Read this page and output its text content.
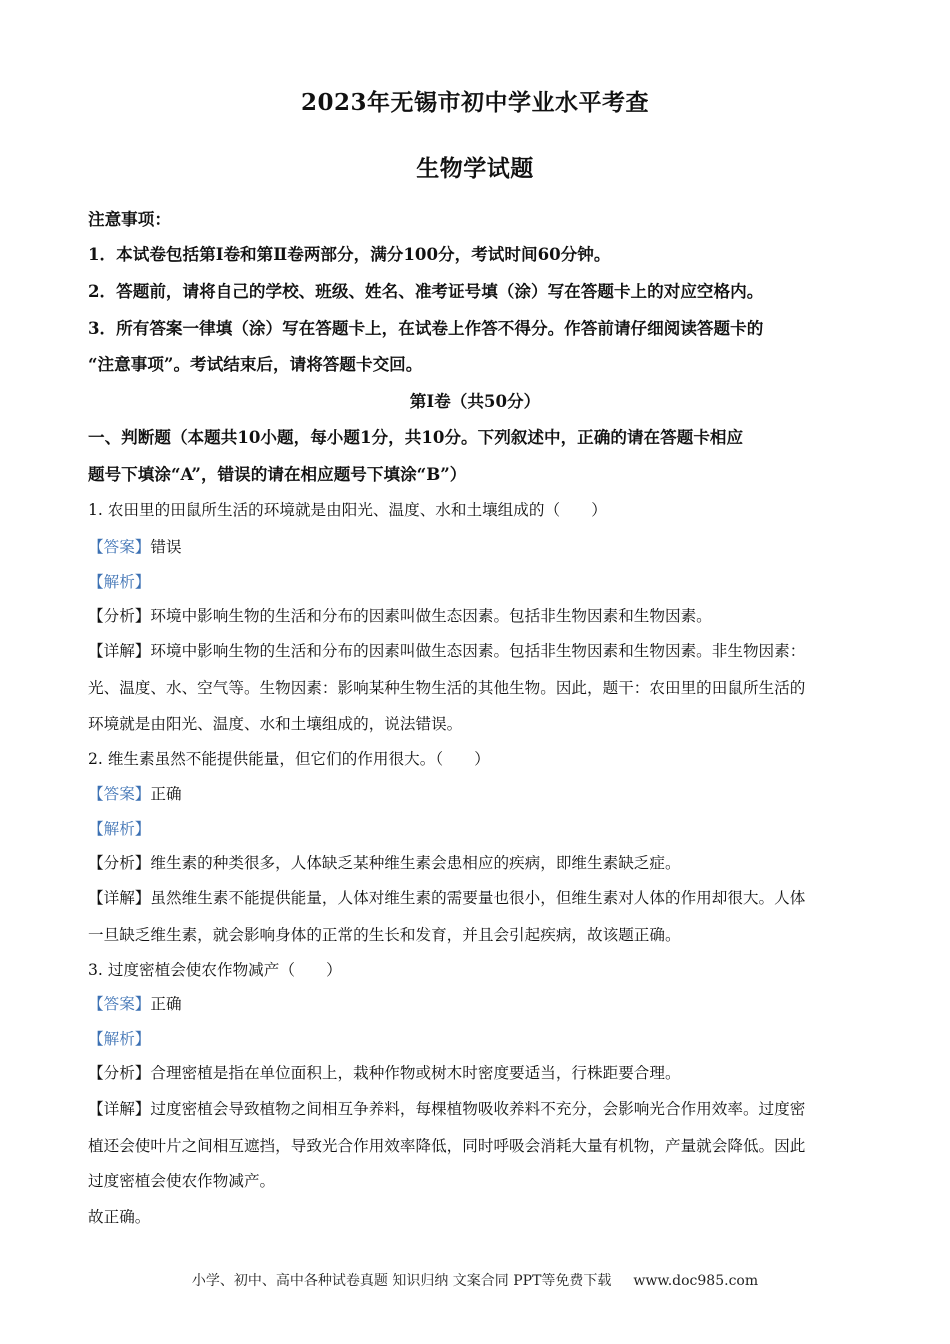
2023年无锡市初中学业水平考查
生物学试题
注意事项：
1．本试卷包括第Ⅰ卷和第Ⅱ卷两部分，满分100分，考试时间60分钟。
2．答题前，请将自己的学校、班级、姓名、准考证号填（涂）写在答题卡上的对应空格内。
3．所有答案一律填（涂）写在答题卡上，在试卷上作答不得分。作答前请仔细阅读答题卡的
“注意事项”。考试结束后，请将答题卡交回。
第Ⅰ卷（共50分）
一、判断题（本题共10小题，每小题1分，共10分。下列叙述中，正确的请在答题卡相应
题号下填涂“A”，错误的请在相应题号下填涂“B”）
1. 农田里的田鼠所生活的环境就是由阳光、温度、水和土壤组成的（　　）
【答案】错误
【解析】
【分析】环境中影响生物的生活和分布的因素叫做生态因素。包括非生物因素和生物因素。
【详解】环境中影响生物的生活和分布的因素叫做生态因素。包括非生物因素和生物因素。非生物因素：
光、温度、水、空气等。生物因素：影响某种生物生活的其他生物。因此，题干：农田里的田鼠所生活的
环境就是由阳光、温度、水和土壤组成的，说法错误。
2. 维生素虽然不能提供能量，但它们的作用很大。（　　）
【答案】正确
【解析】
【分析】维生素的种类很多，人体缺乏某种维生素会患相应的疾病，即维生素缺乏症。
【详解】虽然维生素不能提供能量，人体对维生素的需要量也很小，但维生素对人体的作用却很大。人体
一旦缺乏维生素，就会影响身体的正常的生长和发育，并且会引起疾病，故该题正确。
3. 过度密植会使农作物减产（　　）
【答案】正确
【解析】
【分析】合理密植是指在单位面积上，栽种作物或树木时密度要适当，行株距要合理。
【详解】过度密植会导致植物之间相互争养料，每棵植物吸收养料不充分，会影响光合作用效率。过度密
植还会使叶片之间相互遮挡，导致光合作用效率降低，同时呼吸会消耗大量有机物，产量就会降低。因此
过度密植会使农作物减产。
故正确。
小学、初中、高中各种试卷真题 知识归纳 文案合同 PPT等免费下载 www.doc985.com
